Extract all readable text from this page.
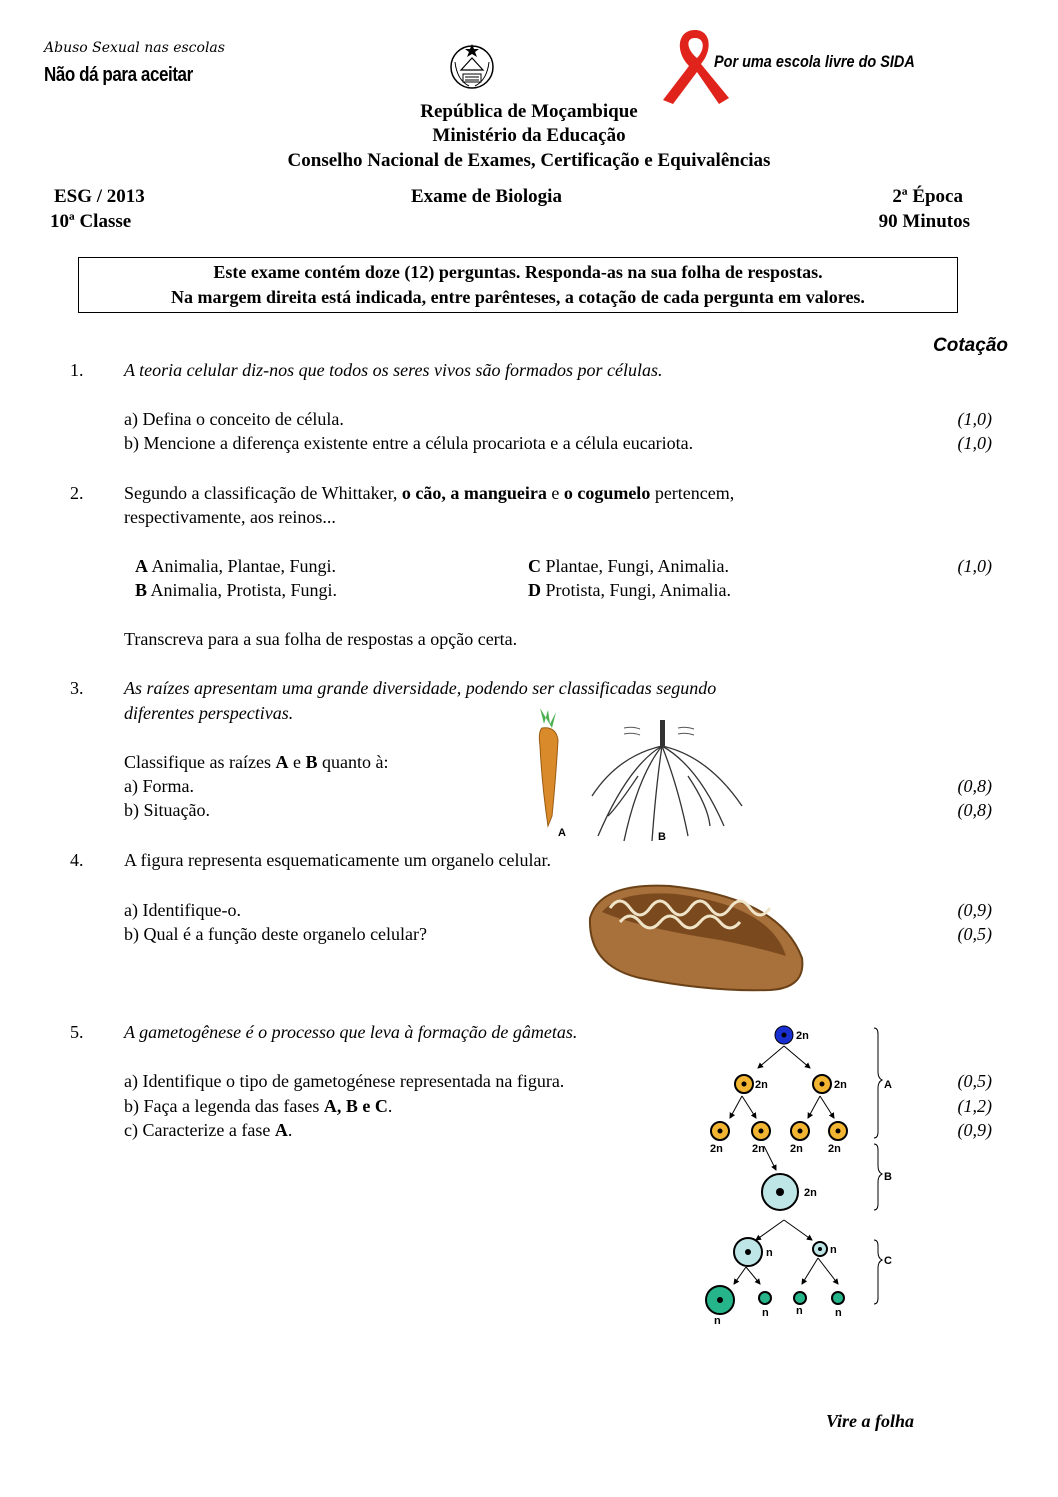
Abuso Sexual nas escolas
Não dá para aceitar
Por uma escola livre do SIDA
República de Moçambique
Ministério da Educação
Conselho Nacional de Exames, Certificação e Equivalências
ESG / 2013
10ª Classe
Exame de Biologia	2ª Época
90 Minutos
Este exame contém doze (12) perguntas. Responda-as na sua folha de respostas.
Na margem direita está indicada, entre parênteses, a cotação de cada pergunta em valores.
Cotação
1. A teoria celular diz-nos que todos os seres vivos são formados por células.
a) Defina o conceito de célula.	(1,0)
b) Mencione a diferença existente entre a célula procariota e a célula eucariota.	(1,0)
2. Segundo a classificação de Whittaker, o cão, a mangueira e o cogumelo pertencem,
respectivamente, aos reinos...
A Animalia, Plantae, Fungi.
B Animalia, Protista, Fungi.
C Plantae, Fungi, Animalia.
D Protista, Fungi, Animalia.
(1,0)
Transcreva para a sua folha de respostas a opção certa.
3. As raízes apresentam uma grande diversidade, podendo ser classificadas segundo
diferentes perspectivas.
Classifique as raízes A e B quanto à:
a) Forma.	(0,8)
b) Situação.	(0,8)
A	B
4. A figura representa esquematicamente um organelo celular.
a) Identifique-o.	(0,9)
b) Qual é a função deste organelo celular?	(0,5)
5. A gametogênese é o processo que leva à formação de gâmetas.
a) Identifique o tipo de gametogénese representada na figura.	(0,5)
b) Faça a legenda das fases A, B e C.	(1,2)
c) Caracterize a fase A.	(0,9)
2n
2n	2n
2n	2n 2n 2n
2n
n	n
n
n n	n
A
B
C
Vire a folha
